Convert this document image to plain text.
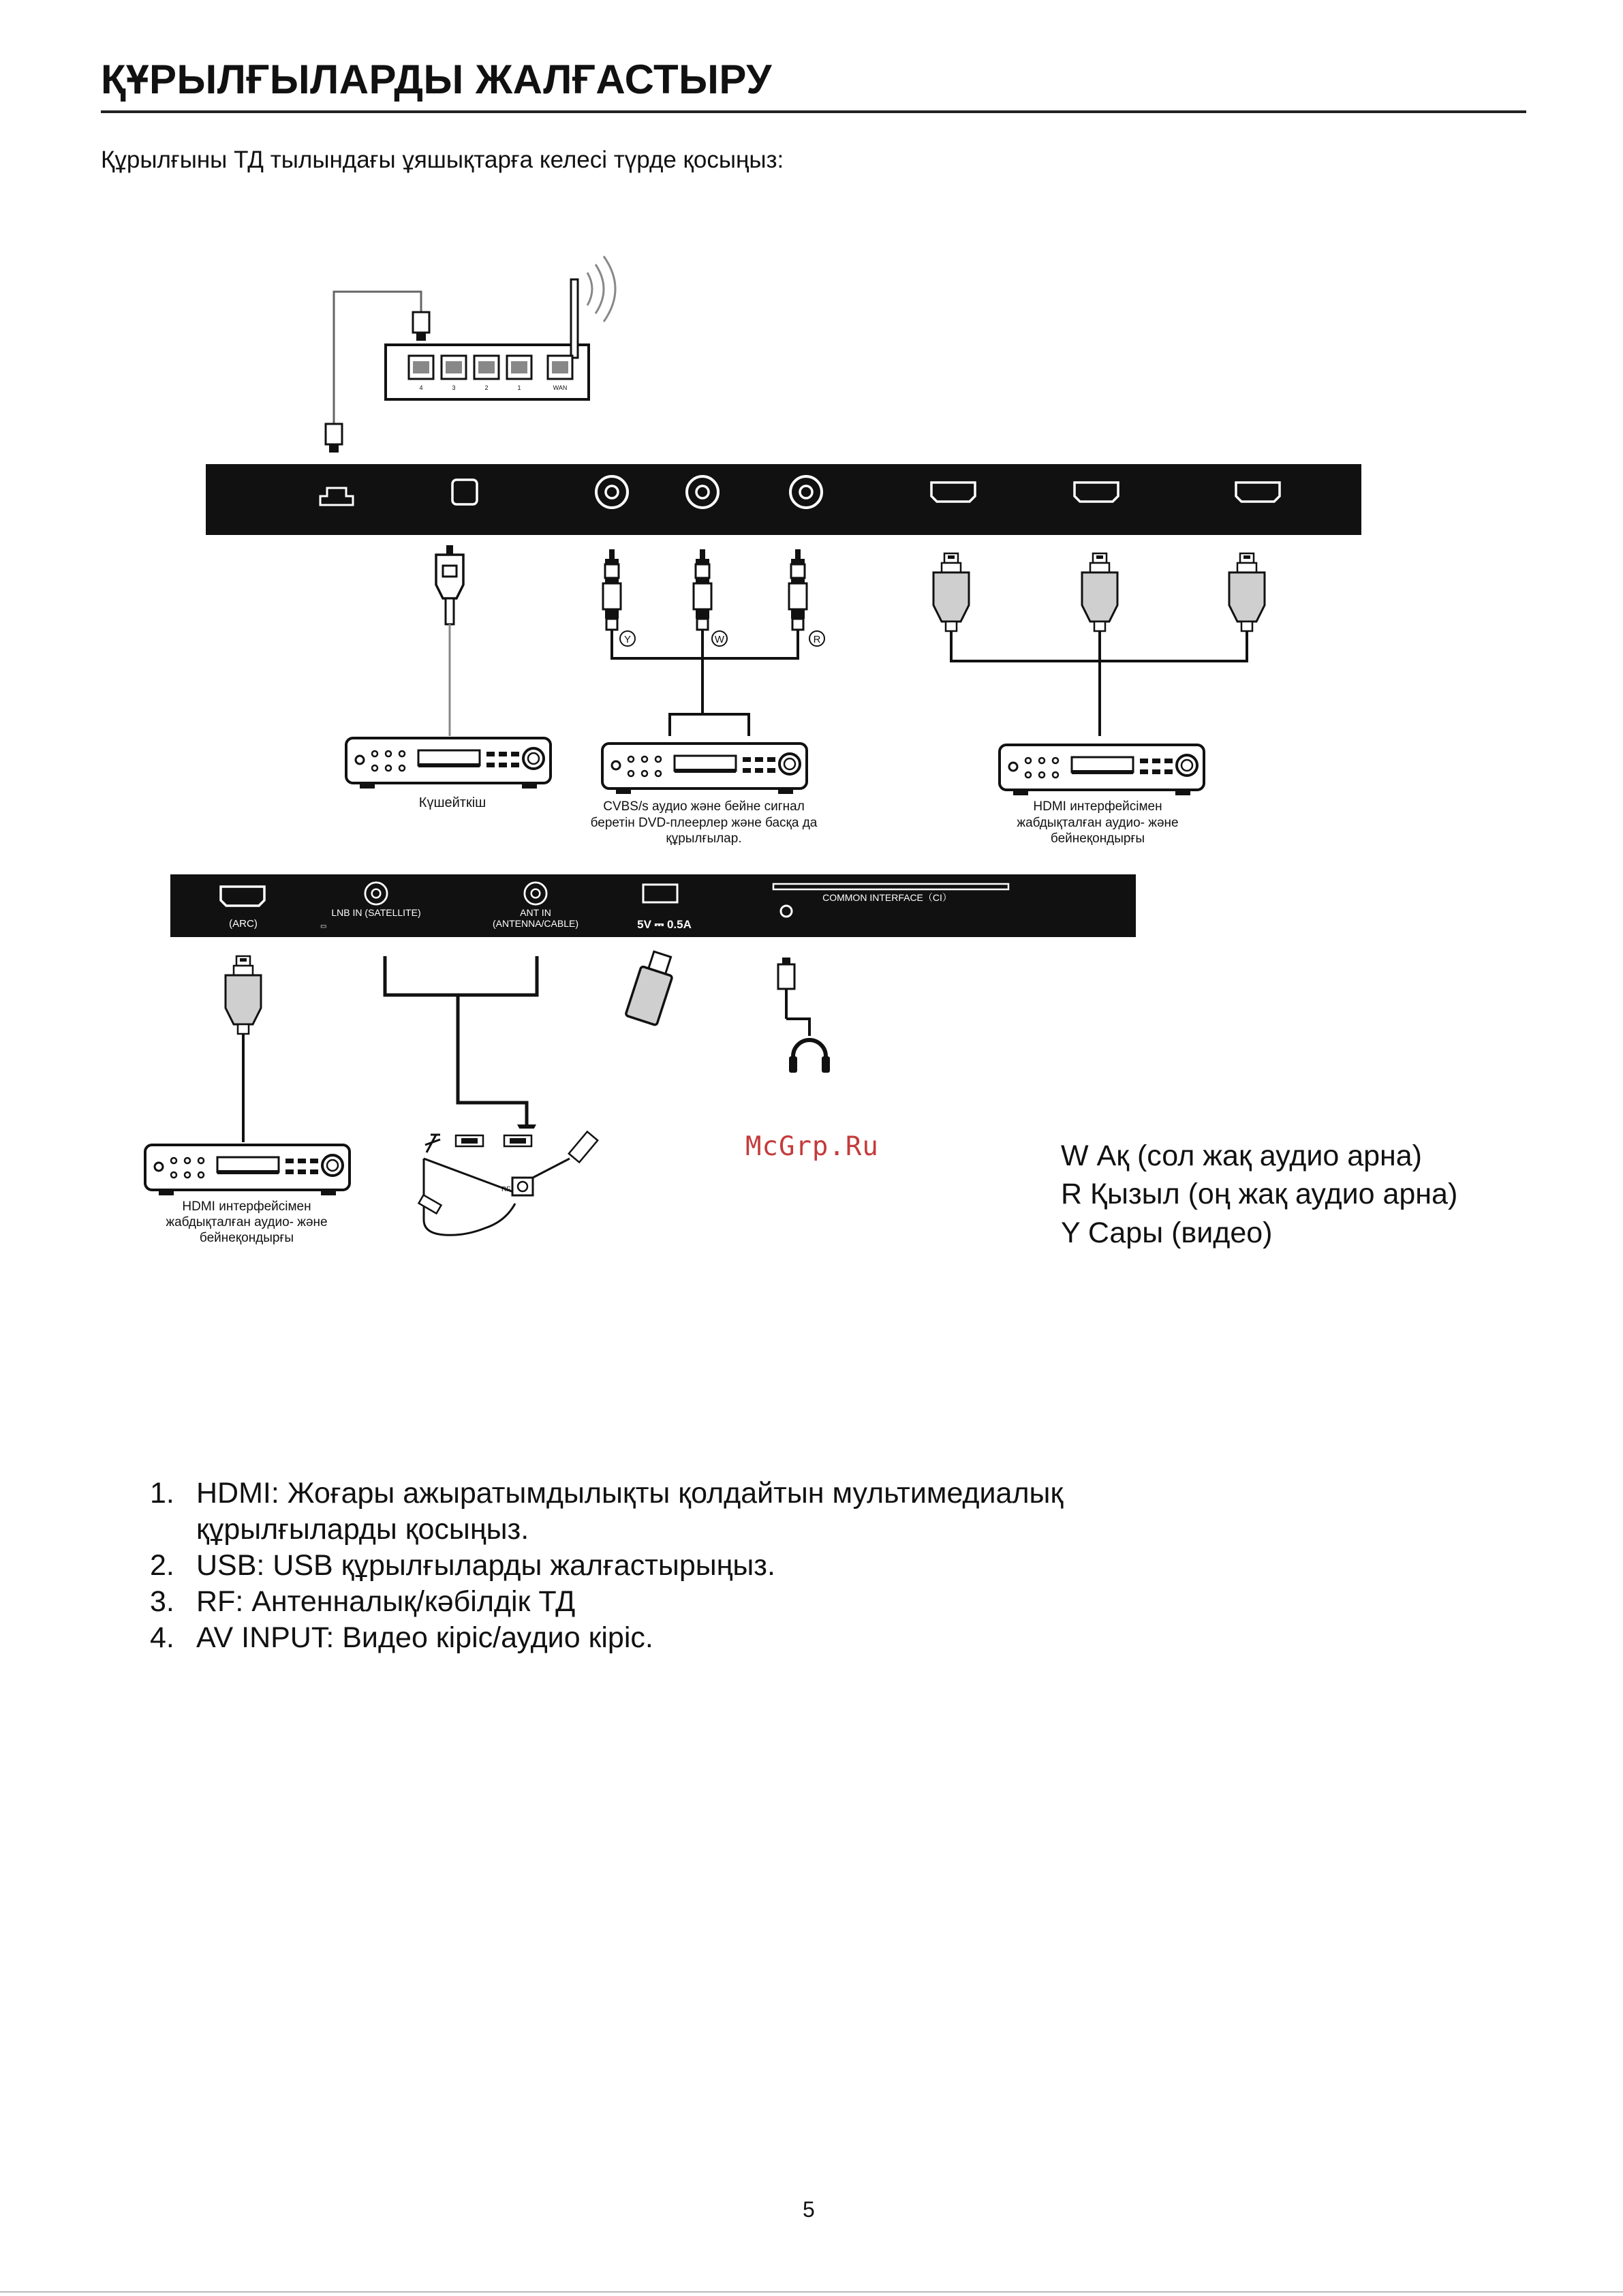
ҚҰРЫЛҒЫЛАРДЫ ЖАЛҒАСТЫРУ
Құрылғыны ТД тылындағы ұяшықтарға келесі түрде қосыңыз:
4	3	2	1	WAN
Y	W	R
Күшейткіш	CVBS/s аудио және бейне сигнал
беретін DVD-плеерлер және басқа да
құрылғылар.
HDMI интерфейсімен
жабдықталған аудио- және
бейнеқондырғы
(ARC)	▭
LNB IN (SATELLITE)	ANT IN
(ANTENNA/CABLE)	5V ⎓ 0.5A
COMMON INTERFACE（CI）
HDMI интерфейсімен
жабдықталған аудио- және
бейнеқондырғы
RF
McGrp.Ru	W Ақ (сол жақ аудио арна)
R Қызыл (оң жақ аудио арна)
Y Сары (видео)
1. HDMI: Жоғары ажыратымдылықты қолдайтын мультимедиалық
құрылғыларды қосыңыз.
2. USB: USB құрылғыларды жалғастырыңыз.
3. RF: Антенналық/кәбілдік ТД
4. AV INPUT: Видео кіріс/аудио кіріс.
5
